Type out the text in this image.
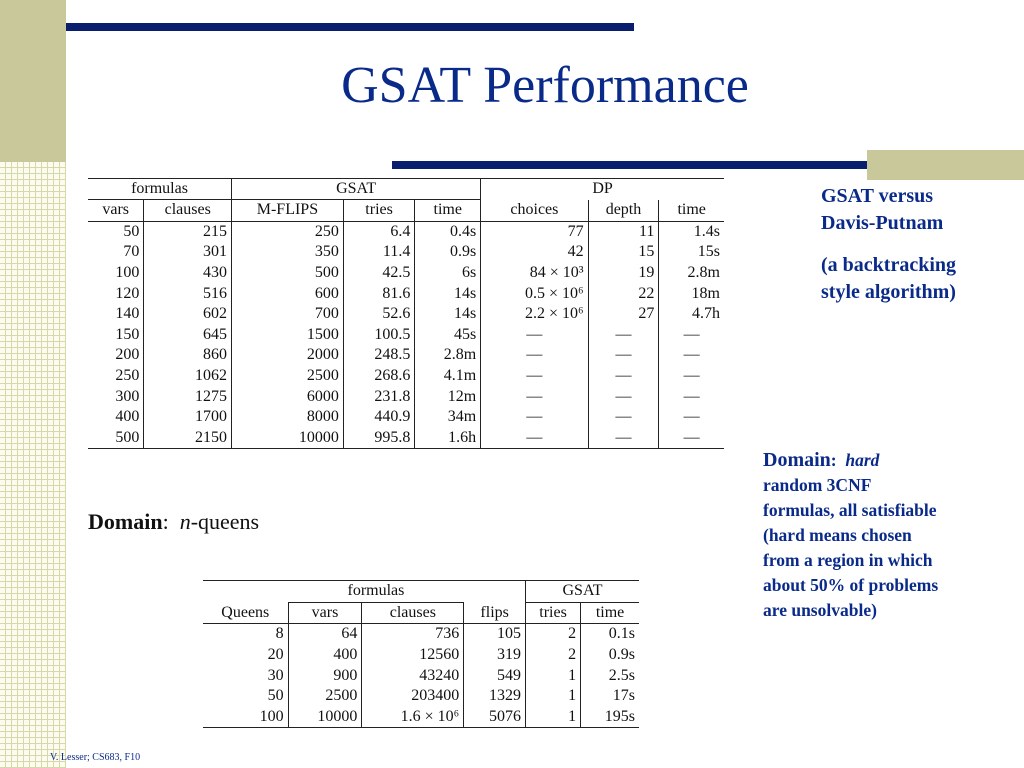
GSAT Performance
formulas		GSAT			DP		
vars	clauses	M-FLIPS	tries	time	choices	depth	time
50	215	250	6.4	0.4s	77	11	1.4s
70	301	350	11.4	0.9s	42	15	15s
100	430	500	42.5	6s	84 × 10³	19	2.8m
120	516	600	81.6	14s	0.5 × 10⁶	22	18m
140	602	700	52.6	14s	2.2 × 10⁶	27	4.7h
150	645	1500	100.5	45s	—	—	—
200	860	2000	248.5	2.8m	—	—	—
250	1062	2500	268.6	4.1m	—	—	—
300	1275	6000	231.8	12m	—	—	—
400	1700	8000	440.9	34m	—	—	—
500	2150	10000	995.8	1.6h	—	—	—
Domain: n-queens
	formulas			GSAT	
Queens	vars	clauses	flips	tries	time
8	64	736	105	2	0.1s
20	400	12560	319	2	0.9s
30	900	43240	549	1	2.5s
50	2500	203400	1329	1	17s
100	10000	1.6 × 10⁶	5076	1	195s
GSAT versus
Davis-Putnam
(a backtracking
style algorithm)
Domain: hard
random 3CNF
formulas, all satisfiable
(hard means chosen
from a region in which
about 50% of problems
are unsolvable)
V. Lesser; CS683, F10
